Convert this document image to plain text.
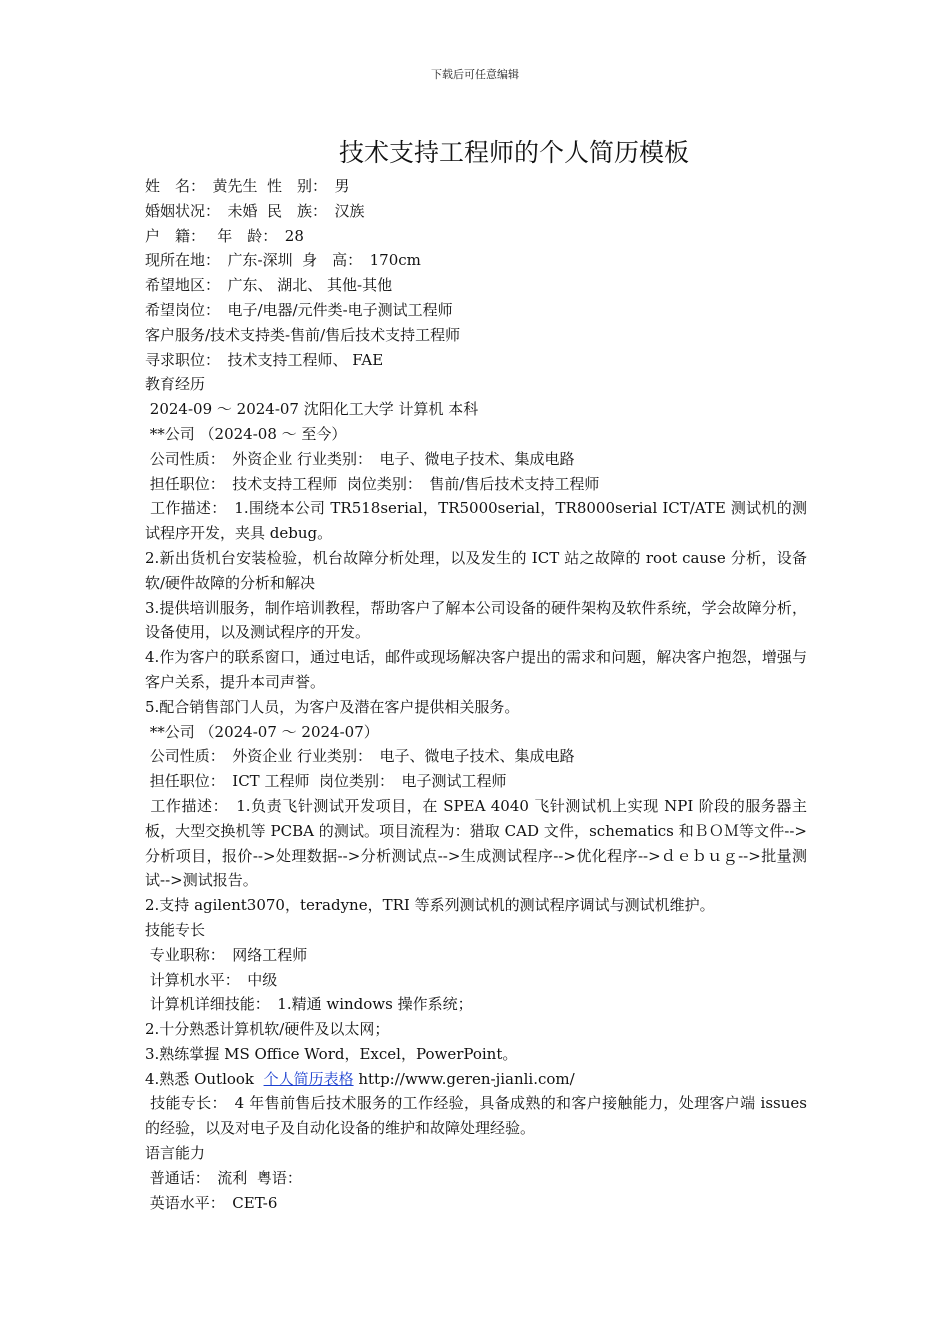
下载后可任意编辑
技术支持工程师的个人简历模板
姓　名：　黄先生  性　别：　男
婚姻状况：　未婚  民　族：　汉族
户　籍：　 年　龄：　28
现所在地：　广东-深圳  身　高：　170cm
希望地区：　广东、 湖北、 其他-其他
希望岗位：　电子/电器/元件类-电子测试工程师
客户服务/技术支持类-售前/售后技术支持工程师
寻求职位：　技术支持工程师、 FAE
教育经历
2024-09 ～ 2024-07 沈阳化工大学 计算机 本科
**公司 （2024-08 ～ 至今）
公司性质：　外资企业 行业类别：　电子、微电子技术、集成电路
担任职位：　技术支持工程师  岗位类别：　售前/售后技术支持工程师
工作描述：　1.围绕本公司 TR518serial，TR5000serial，TR8000serial ICT/ATE 测试机的测试程序开发，夹具 debug。
2.新出货机台安装检验，机台故障分析处理，以及发生的 ICT 站之故障的 root cause 分析，设备软/硬件故障的分析和解决
3.提供培训服务，制作培训教程，帮助客户了解本公司设备的硬件架构及软件系统，学会故障分析，设备使用，以及测试程序的开发。
4.作为客户的联系窗口，通过电话，邮件或现场解决客户提出的需求和问题，解决客户抱怨，增强与客户关系，提升本司声誉。
5.配合销售部门人员，为客户及潜在客户提供相关服务。
**公司 （2024-07 ～ 2024-07）
公司性质：　外资企业 行业类别：　电子、微电子技术、集成电路
担任职位：　ICT 工程师  岗位类别：　电子测试工程师
工作描述：　1.负责飞针测试开发项目，在 SPEA 4040 飞针测试机上实现 NPI 阶段的服务器主板，大型交换机等 PCBA 的测试。项目流程为：猎取 CAD 文件，schematics 和ＢＯＭ等文件-->分析项目，报价-->处理数据-->分析测试点-->生成测试程序-->优化程序-->ｄｅｂｕｇ-->批量测试-->测试报告。
2.支持 agilent3070，teradyne，TRI 等系列测试机的测试程序调试与测试机维护。
技能专长
专业职称：　网络工程师
计算机水平：　中级
计算机详细技能：　1.精通 windows 操作系统；
2.十分熟悉计算机软/硬件及以太网；
3.熟练掌握 MS Office Word，Excel，PowerPoint。
4.熟悉 Outlook  个人简历表格 http://www.geren-jianli.com/
技能专长：　4 年售前售后技术服务的工作经验，具备成熟的和客户接触能力，处理客户端 issues 的经验，以及对电子及自动化设备的维护和故障处理经验。
语言能力
普通话：　流利  粤语：
英语水平：　CET-6
